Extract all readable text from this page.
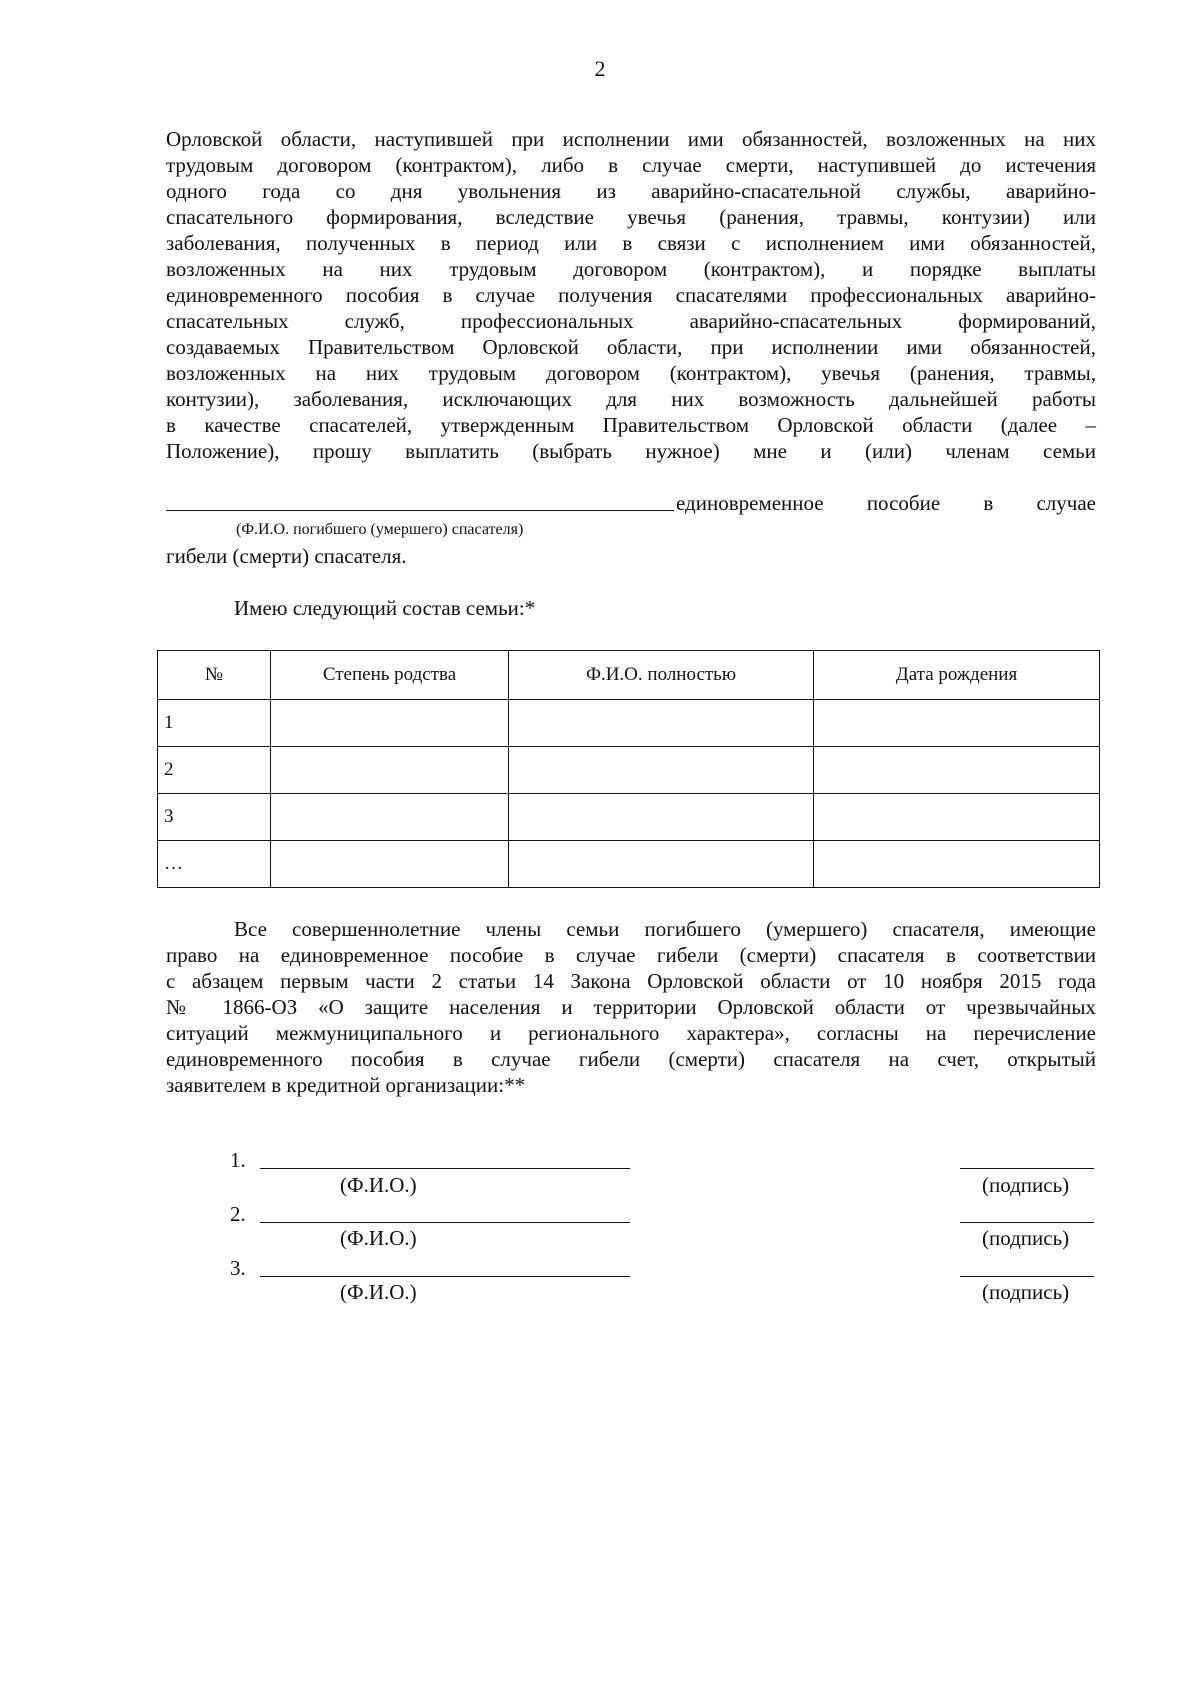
2
Орловской области, наступившей при исполнении ими обязанностей, возложенных на них
трудовым договором (контрактом), либо в случае смерти, наступившей до истечения
одного года со дня увольнения из аварийно-спасательной службы, аварийно-
спасательного формирования, вследствие увечья (ранения, травмы, контузии) или
заболевания, полученных в период или в связи с исполнением ими обязанностей,
возложенных на них трудовым договором (контрактом), и порядке выплаты
единовременного пособия в случае получения спасателями профессиональных аварийно-
спасательных служб, профессиональных аварийно-спасательных формирований,
создаваемых Правительством Орловской области, при исполнении ими обязанностей,
возложенных на них трудовым договором (контрактом), увечья (ранения, травмы,
контузии), заболевания, исключающих для них возможность дальнейшей работы
в качестве спасателей, утвержденным Правительством Орловской области (далее –
Положение), прошу выплатить (выбрать нужное) мне и (или) членам семьи
единовременное пособие в случае
(Ф.И.О. погибшего (умершего) спасателя)
гибели (смерти) спасателя.
Имею следующий состав семьи:*
№	Степень родства	Ф.И.О. полностью	Дата рождения
1			
2			
3			
…			
Все совершеннолетние члены семьи погибшего (умершего) спасателя, имеющие
право на единовременное пособие в случае гибели (смерти) спасателя в соответствии
с абзацем первым части 2 статьи 14 Закона Орловской области от 10 ноября 2015 года
№ 1866-ОЗ «О защите населения и территории Орловской области от чрезвычайных
ситуаций межмуниципального и регионального характера», согласны на перечисление
единовременного пособия в случае гибели (смерти) спасателя на счет, открытый
заявителем в кредитной организации:**
1.
(Ф.И.О.)	(подпись)
2.
(Ф.И.О.)	(подпись)
3.
(Ф.И.О.)	(подпись)
